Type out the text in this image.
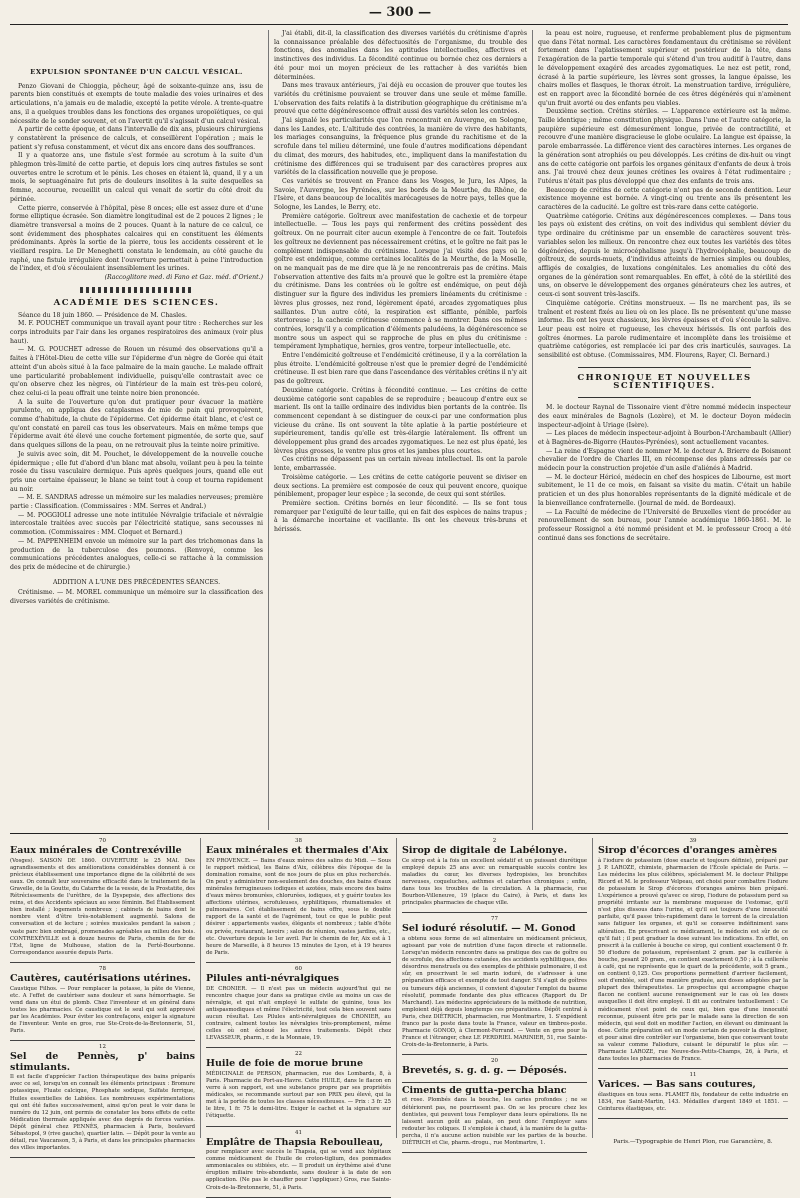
— 300 —
EXPULSION SPONTANÉE D'UN CALCUL VÉSICAL.

Penzo Giovani de Chioggia, pêcheur, âgé de soixante-quinze ans, issu de parents bien constitués et exempts de toute maladie des voies urinaires et des articulations, n'a jamais eu de maladie, excepté la petite vérole. A trente-quatre ans, il a quelques troubles dans les fonctions des organes uropoïétiques, ce qui nécessite de le sonder souvent, et on l'avertit qu'il s'agissait d'un calcul vésical.

A partir de cette époque, et dans l'intervalle de dix ans, plusieurs chirurgiens y constatèrent la présence de calculs, et conseillèrent l'opération ; mais le patient s'y refusa constamment, et vécut dix ans encore dans des souffrances.

Il y a quatorze ans, une fistule s'est formée au scrotum à la suite d'un phlegmon très-limité de cette partie, et depuis lors cinq autres fistules se sont ouvertes entre le scrotum et le pénis. Les choses en étaient là, quand, il y a un mois, le septuagénaire fut pris de douleurs insolites à la suite desquelles sa femme, accourue, recueillit un calcul qui venait de sortir du côté droit du périnée.

Cette pierre, conservée à l'hôpital, pèse 8 onces; elle est assez dure et d'une forme elliptique écrasée. Son diamètre longitudinal est de 2 pouces 2 lignes ; le diamètre transversal a moins de 2 pouces. Quant à la nature de ce calcul, ce sont évidemment des phosphates calcaires qui en constituent les éléments prédominants. Après la sortie de la pierre, tous les accidents cessèrent et le vieillard respira. Le Dr Meneghetti constata le lendemain, au côté gauche du raphé, une fistule irrégulière dont l'ouverture permettait à peine l'introduction de l'index, et d'où s'écoulaient insensiblement les urines.

(Raccoglitore med. di Fano et Gaz. méd. d'Orient.)

ACADÉMIE DES SCIENCES.

Séance du 18 juin 1860. — Présidence de M. Chasles.

M. F. POUCHET communique un travail ayant pour titre : Recherches sur les corps introduits par l'air dans les organes respiratoires des animaux (voir plus haut).

— M. G. POUCHET adresse de Rouen un résumé des observations qu'il a faites à l'Hôtel-Dieu de cette ville sur l'épiderme d'un nègre de Gorée qui était atteint d'un abcès situé à la face palmaire de la main gauche. Le malade offrait une particularité probablement individuelle, puisqu'elle contrastait avec ce qu'on observe chez les nègres, où l'intérieur de la main est très-peu coloré, chez celui-ci la peau offrait une teinte noire bien prononcée.

A la suite de l'ouverture qu'on dut pratiquer pour évacuer la matière purulente, on appliqua des cataplasmes de mie de pain qui provoquèrent, comme d'habitude, la chute de l'épiderme. Cet épiderme était blanc, et c'est ce qu'ont constaté en pareil cas tous les observateurs. Mais en même temps que l'épiderme avait été élevé une couche fortement pigmentée, de sorte que, sauf dans quelques sillons de la peau, on ne retrouvait plus la teinte noire primitive.

Je suivis avec soin, dit M. Pouchet, le développement de la nouvelle couche épidermique ; elle fut d'abord d'un blanc mat absolu, voilant peu à peu la teinte rosée du tissu vasculaire dermique. Puis après quelques jours, quand elle eut pris une certaine épaisseur, le blanc se teint tout à coup et tourna rapidement au noir.

— M. E. SANDRAS adresse un mémoire sur les maladies nerveuses; première partie : Classification. (Commissaires : MM. Serres et Andral.)

— M. POGGIOLI adresse une note intitulée Névralgie trifaciale et névralgie intercostale traitées avec succès par l'électricité statique, sans secousses ni commotion. (Commissaires : MM. Cloquet et Bernard.)

— M. PAPPENHEIM envoie un mémoire sur la part des trichomonas dans la production de la tuberculose des poumons. (Renvoyé, comme les communications précédentes analogues, celle-ci se rattache à la commission des prix de médecine et de chirurgie.)

ADDITION A L'UNE DES PRÉCÉDENTES SÉANCES.

Crétinisme. — M. MOREL communique un mémoire sur la classification des diverses variétés de crétinisme.

J'ai établi, dit-il, la classification des diverses variétés du crétinisme d'après la connaissance préalable des défectuosités de l'organisme, du trouble des fonctions, des anomalies dans les aptitudes intellectuelles, affectives et instinctives des individus. La fécondité continue ou bornée chez ces derniers a été pour moi un moyen précieux de les rattacher à des variétés bien déterminées.

Dans mes travaux antérieurs, j'ai déjà eu occasion de prouver que toutes les variétés du crétinisme pouvaient se trouver dans une seule et même famille. L'observation des faits relatifs à la distribution géographique du crétinisme m'a prouvé que cette dégénérescence offrait aussi des variétés selon les contrées.

J'ai signalé les particularités que l'on rencontrait en Auvergne, en Sologne, dans les Landes, etc. L'altitude des contrées, la manière de vivre des habitants, les mariages consanguins, la fréquence plus grande du rachitisme et de la scrofule dans tel milieu déterminé, une foule d'autres modifications dépendant du climat, des mœurs, des habitudes, etc., impliquent dans la manifestation du crétinisme des différences qui se traduisent par des caractères propres aux variétés de la classification nouvelle que je propose.

Ces variétés se trouvent en France dans les Vosges, le Jura, les Alpes, la Savoie, l'Auvergne, les Pyrénées, sur les bords de la Meurthe, du Rhône, de l'Isère, et dans beaucoup de localités marécageuses de notre pays, telles que la Sologne, les Landes, le Berry, etc.

Première catégorie. Goîtreux avec manifestation de cachexie et de torpeur intellectuelle. — Tous les pays qui renferment des crétins possèdent des goîtreux. On ne pourrait citer aucun exemple à l'encontre de ce fait. Toutefois les goîtreux ne deviennent pas nécessairement crétins, et le goître ne fait pas le complément indispensable du crétinisme. Lorsque j'ai visité des pays où le goître est endémique, comme certaines localités de la Meurthe, de la Moselle, on ne manquait pas de me dire que là je ne rencontrerais pas de crétins. Mais l'observation attentive des faits m'a prouvé que le goître est la première étape du crétinisme. Dans les contrées où le goître est endémique, on peut déjà distinguer sur la figure des individus les premiers linéaments du crétinisme : lèvres plus grosses, nez rond, légèrement épaté, arcades zygomatiques plus saillantes. D'un autre côté, la respiration est sifflante, pénible, parfois stertoreuse ; la cachexie crétineuse commence à se montrer. Dans ces mêmes contrées, lorsqu'il y a complication d'éléments paludéens, la dégénérescence se montre sous un aspect qui se rapproche de plus en plus du crétinisme : tempérament lymphatique, hernies, gros ventre, torpeur intellectuelle, etc.

Entre l'endémicité goîtreuse et l'endémicité crétineuse, il y a la corrélation la plus étroite. L'endémicité goîtreuse n'est que le premier degré de l'endémicité crétineuse. Il est bien rare que dans l'ascendance des véritables crétins il n'y ait pas de goîtreux.

Deuxième catégorie. Crétins à fécondité continue. — Les crétins de cette deuxième catégorie sont capables de se reproduire ; beaucoup d'entre eux se marient. Ils ont la taille ordinaire des individus bien portants de la contrée. Ils commencent cependant à se distinguer de ceux-ci par une conformation plus vicieuse du crâne. Ils ont souvent la tête aplatie à la partie postérieure et supérieurement, tandis qu'elle est très-élargie latéralement. Ils offrent un développement plus grand des arcades zygomatiques. Le nez est plus épaté, les lèvres plus grosses, le ventre plus gros et les jambes plus courtes.

Ces crétins ne dépassent pas un certain niveau intellectuel. Ils ont la parole lente, embarrassée.

Troisième catégorie. — Les crétins de cette catégorie peuvent se diviser en deux sections. La première est composée de ceux qui peuvent encore, quoique péniblement, propager leur espèce ; la seconde, de ceux qui sont stériles.

Première section. Crétins bornés en leur fécondité. — Ils se font tous remarquer par l'exiguïté de leur taille, qui en fait des espèces de nains trapus ; à la démarche incertaine et vacillante. Ils ont les cheveux très-bruns et hérissés.

la peau est noire, rugueuse, et renferme probablement plus de pigmentum que dans l'état normal. Les caractères fondamentaux du crétinisme se révèlent fortement dans l'aplatissement supérieur et postérieur de la tête, dans l'exagération de la partie temporale qui s'étend d'un trou auditif à l'autre, dans le développement exagéré des arcades zygomatiques. Le nez est petit, rond, écrasé à la partie supérieure, les lèvres sont grosses, la langue épaisse, les chairs molles et flasques, le thorax étroit. La menstruation tardive, irrégulière, est en rapport avec la fécondité bornée de ces êtres dégénérés qui n'amènent qu'un fruit avorté ou des enfants peu viables.

Deuxième section. Crétins stériles. — L'apparence extérieure est la même. Taille identique ; même constitution physique. Dans l'une et l'autre catégorie, la paupière supérieure est démesurément longue, privée de contractilité, et recouvre d'une manière disgracieuse le globe oculaire. La langue est épaisse, la parole embarrassée. La différence vient des caractères internes. Les organes de la génération sont atrophiés ou peu développés. Les crétins de dix-huit ou vingt ans de cette catégorie ont parfois les organes génitaux d'enfants de deux à trois ans. J'ai trouvé chez deux jeunes crétines les ovaires à l'état rudimentaire ; l'utérus n'était pas plus développé que chez des enfants de trois ans.

Beaucoup de crétins de cette catégorie n'ont pas de seconde dentition. Leur existence moyenne est bornée. A vingt-cinq ou trente ans ils présentent les caractères de la caducité. Le goître est très-rare dans cette catégorie.

Quatrième catégorie. Crétins aux dégénérescences complexes. — Dans tous les pays où existent des crétins, on voit des individus qui semblent dévier du type ordinaire du crétinisme par un ensemble de caractères souvent très-variables selon les milieux. On rencontre chez eux toutes les variétés des têtes dégénérées, depuis le microcéphalisme jusqu'à l'hydrocéphalie, beaucoup de goîtreux, de sourds-muets, d'individus atteints de hernies simples ou doubles, affligés de coxalgies, de luxations congénitales. Les anomalies du côté des organes de la génération sont remarquables. En effet, à côté de la stérilité des uns, on observe le développement des organes générateurs chez les autres, et ceux-ci sont souvent très-lascifs.

Cinquième catégorie. Crétins monstrueux. — Ils ne marchent pas, ils se traînent et restent fixés au lieu où on les place. Ils ne présentent qu'une masse informe. Ils ont les yeux chassieux, les lèvres épaisses et d'où s'écoule la salive. Leur peau est noire et rugueuse, les cheveux hérissés. Ils ont parfois des goîtres énormes. La parole rudimentaire et incomplète dans les troisième et quatrième catégories, est remplacée ici par des cris inarticulés, sauvages. La sensibilité est obtuse. (Commissaires, MM. Flourens, Rayer, Cl. Bernard.)

CHRONIQUE ET NOUVELLES SCIENTIFIQUES.

M. le docteur Raynal de Tissonaire vient d'être nommé médecin inspecteur des eaux minérales de Bagnols (Lozère), et M. le docteur Doyon médecin inspecteur-adjoint à Uriage (Isère).

— Les places de médecin inspecteur-adjoint à Bourbon-l'Archambault (Allier) et à Bagnères-de-Bigorre (Hautes-Pyrénées), sont actuellement vacantes.

— La reine d'Espagne vient de nommer M. le docteur A. Brierre de Boismont chevalier de l'ordre de Charles III, en récompense des plans adressés par ce médecin pour la construction projetée d'un asile d'aliénés à Madrid.

— M. le docteur Héricé, médecin en chef des hospices de Libourne, est mort subitement, le 11 de ce mois, en faisant sa visite du matin. C'était un habile praticien et un des plus honorables représentants de la dignité médicale et de la bienveillance confraternelle. (Journal de méd. de Bordeaux).

— La Faculté de médecine de l'Université de Bruxelles vient de procéder au renouvellement de son bureau, pour l'année académique 1860-1861. M. le professeur Rossignol a été nommé président et M. le professeur Crocq a été continué dans ses fonctions de secrétaire.

70
Eaux minérales de Contrexéville

(Vosges). SAISON DE 1860. OUVERTURE le 25 MAI. Des agrandissements et des améliorations considérables donnent à ce précieux établissement une importance digne de la célébrité de ses eaux. On connaît leur souveraine efficacité dans le traitement de la Gravelle, de la Goutte, du Catarrhe de la vessie, de la Prostatite, des Rétrécissements de l'urèthre, de la Dyspepsie, des affections des reins, et des Accidents spéciaux au sexe féminin. Bel Établissement bien installé ; logements nombreux ; cabinets de bains dont le nombre vient d'être très-notablement augmenté. Salons de conversation et de lecture ; soirées musicales pendant la saison ; vaste parc bien ombragé, promenades agréables au milieu des bois. CONTREXÉVILLE est à douze heures de Paris, chemin de fer de l'Est, ligne de Mulhouse, station de la Ferté-Bourbonne. Correspondance assurée depuis Paris.

78
Cautères, cautérisations utérines.

Caustique Filhos. — Pour remplacer la potasse, la pâte de Vienne, etc. A l'effet de cautériser sans douleur et sans hémorrhagie. Se vend dans un étui de plomb. Chez l'inventeur et en général dans toutes les pharmacies. Ce caustique est le seul qui soit approuvé par les Académies. Pour éviter les contrefaçons, exiger la signature de l'inventeur. Vente en gros, rue Ste-Croix-de-la-Bretonnerie, 51, Paris.

12
Sel de Pennès, p' bains stimulants.

Il est facile d'apprécier l'action thérapeutique des bains préparés avec ce sel, lorsqu'on en connaît les éléments principaux : Bromure potassique, Fluate calcique, Phosphate sodique, Sulfate ferrique, Huiles essentielles de Labiées. Les nombreuses expérimentations qui ont été faites successivement, ainsi qu'on peut le voir dans le numéro du 12 juin, ont permis de constater les bons effets de cette Médication thermale appliquée avec des degrés de forces variées. Dépôt général chez PENNÈS, pharmacien à Paris, boulevard Sébastopol, 9 (rive gauche), quartier latin. — Dépôt pour la vente au détail, rue Vaucanson, 5, à Paris, et dans les principales pharmacies des villes importantes.

38
Eaux minérales et thermales d'Aix

EN PROVENCE. — Bains d'eaux mères des salins du Midi. — Sous le rapport médical, les Bains d'Aix, célèbres dès l'époque de la domination romaine, sont de nos jours de plus en plus recherchés. On peut y administrer non-seulement des douches, des bains d'eaux minérales ferrugineuses iodiques et azotées, mais encore des bains d'eaux mères bromurées, chlorurées, iodiques, et y guérir toutes les affections utérines, scrofuleuses, syphilitiques, rhumatismales et pulmonaires. Cet établissement de bains offre, sous le double rapport de la santé et de l'agrément, tout ce que le public peut désirer : appartements vastes, élégants et nombreux ; table d'hôte ou privée, restaurant, lavoirs ; salon de réunion, vastes jardins, etc., etc. Ouverture depuis le 1er avril. Par le chemin de fer, Aix est à 1 heure de Marseille, à 8 heures 15 minutes de Lyon, et à 19 heures de Paris.

60
Pilules anti-névralgiques

DE CRONIER. — Il n'est pas un médecin aujourd'hui qui ne rencontre chaque jour dans sa pratique civile au moins un cas de névralgie, et qui n'ait employé le sulfate de quinine, tous les antispasmodiques et même l'électricité, tout cela bien souvent sans aucun résultat. Les Pilules anti-névralgiques de CRONIER, au contraire, calment toutes les névralgies très-promptement, même celles où ont échoué les autres traitements. Dépôt chez LEVASSEUR, pharm., r. de la Monnaie, 19.

22
Huile de foie de morue brune

MÉDICINALE de PERSON, pharmacien, rue des Lombards, 8, à Paris. Pharmacie du Port-au-Havre. Cette HUILE, dans le flacon en verre à son rapport, est une substance propre par ses propriétés médicales, se recommande surtout par son PRIX peu élevé, qui la met à la portée de toutes les classes nécessiteuses. — Prix : 3 fr. 25 le litre, 1 fr. 75 le demi-litre. Exiger le cachet et la signature sur l'étiquette.

41
Emplâtre de Thapsia Reboulleau,

pour remplacer avec succès le Thapsia, qui se vend aux hôpitaux comme médicament de l'huile de croton-tiglium, des pommades ammoniacales ou stibiées, etc. — Il produit un érythème aisé d'une éruption miliaire très-abondante, sans douleur à la date de son application. (Ne pas le chauffer pour l'appliquer.) Gros, rue Sainte-Croix-de-la-Bretonnerie, 51, à Paris.

2
Sirop de digitale de Labélonye.

Ce sirop est à la fois un excellent sédatif et un puissant diurétique employé depuis 25 ans avec un remarquable succès contre les maladies du cœur, les diverses hydropisies, les bronchites nerveuses, coqueluches, asthmes et catarrhes chroniques ; enfin, dans tous les troubles de la circulation. A la pharmacie, rue Bourbon-Villeneuve, 19 (place du Caire), à Paris, et dans les principales pharmacies de chaque ville.

77
Sel ioduré résolutif. — M. Gonod

a obtenu sous forme de sel alimentaire un médicament précieux, agissant par voie de nutrition d'une façon directe et rationnelle. Lorsqu'un médecin rencontre dans sa pratique des cas de goître ou de scrofule, des affections cutanées, des accidents syphilitiques, des désordres menstruels ou des exemples de phthisie pulmonaire, il est sûr, en prescrivant le sel marin ioduré, de s'adresser à une préparation efficace et exempte de tout danger. S'il s'agit de goîtres ou tumeurs déjà anciennes, il convient d'ajouter l'emploi du baume résolutif, pommade fondante des plus efficaces (Rapport du Dr Marchand). Les médecins appréciateurs de la méthode de nutrition, emploient déjà depuis longtemps ces préparations. Dépôt central à Paris, chez DIÉTRICH, pharmacien, rue Montmartre, 1. S'expédient franco par la poste dans toute la France, valeur en timbres-poste. Pharmacie GONOD, à Clermont-Ferrand. — Vente en gros pour la France et l'étranger, chez LE PERDRIEL MARINIER, 51, rue Sainte-Croix-de-la-Bretonnerie, à Paris.

20
Brevetés, s. g. d. g. — Déposés.
Ciments de gutta-percha blanc

et rose. Plombés dans la bouche, les caries profondes ; ne se détériorent pas, ne pourrissent pas. On se les procure chez les dentistes, qui peuvent tous l'employer dans leurs opérations. Ils ne laissent aucun goût au palais, on peut donc l'employer sans redouter les coliques. Il s'emploie à chaud, à la manière de la gutta-percha, il n'a aucune action nuisible sur les parties de la bouche. DIÉTRICH et Cie, pharm.-drogu., rue Montmartre, 1.

39
Sirop d'écorces d'oranges amères

à l'iodure de potassium (dose exacte et toujours définie), préparé par J. P. LAROZE, chimiste, pharmacien de l'École spéciale de Paris. — Les médecins les plus célèbres, spécialement M. le docteur Philippe Ricord et M. le professeur Velpeau, ont choisi pour combattre l'iodure de potassium le Sirop d'écorces d'oranges amères bien préparé. L'expérience a prouvé qu'avec ce sirop, l'iodure de potassium perd sa propriété irritante sur la membrane muqueuse de l'estomac, qu'il n'est plus dissous dans l'urine, et qu'il est toujours d'une innocuité parfaite, qu'il passe très-rapidement dans le torrent de la circulation sans fatiguer les organes, et qu'il se conserve indéfiniment sans altération. En prescrivant ce médicament, le médecin est sûr de ce qu'il fait ; il peut graduer la dose suivant les indications. En effet, on prescrit à la cuillerée à bouche ce sirop, qui contient exactement 0 fr. 50 d'iodure de potassium, représentant 2 gram. par la cuillerée à bouche, pesant 20 gram., en contient exactement 0,50 ; à la cuillerée à café, qui ne représente que le quart de la précédente, soit 5 gram., on contient 0,125. Ces proportions permettent d'arriver facilement, soit d'emblée, soit d'une manière graduée, aux doses adoptées par la plupart des thérapeutistes. Le prospectus qui accompagne chaque flacon ne contient aucune renseignement sur le cas où les doses auxquelles il doit être employé. Il dit au contraire textuellement : Ce médicament n'est point de ceux qui, bien que d'une innocuité reconnue, puissent être pris par le malade sans la direction de son médecin, qui seul doit en modifier l'action, en élevant ou diminuant la dose. Cette préparation est un mode certain de pouvoir la discipliner, et pour ainsi dire contrôler sur l'organisme, bien que conservant toute sa valeur comme Faliodure, cuisant le dépuratif le plus sûr. — Pharmacie LAROZE, rue Neuve-des-Petits-Champs, 26, à Paris, et dans toutes les pharmacies de France.

11
Varices. — Bas sans coutures,

élastiques en tous sens. FLAMET fils, fondateur de cette industrie en 1834, rue Saint-Martin, 143. Médailles d'argent 1849 et 1851. — Ceintures élastiques, etc.

Paris.—Typographie de Henri Plon, rue Garancière, 8.
